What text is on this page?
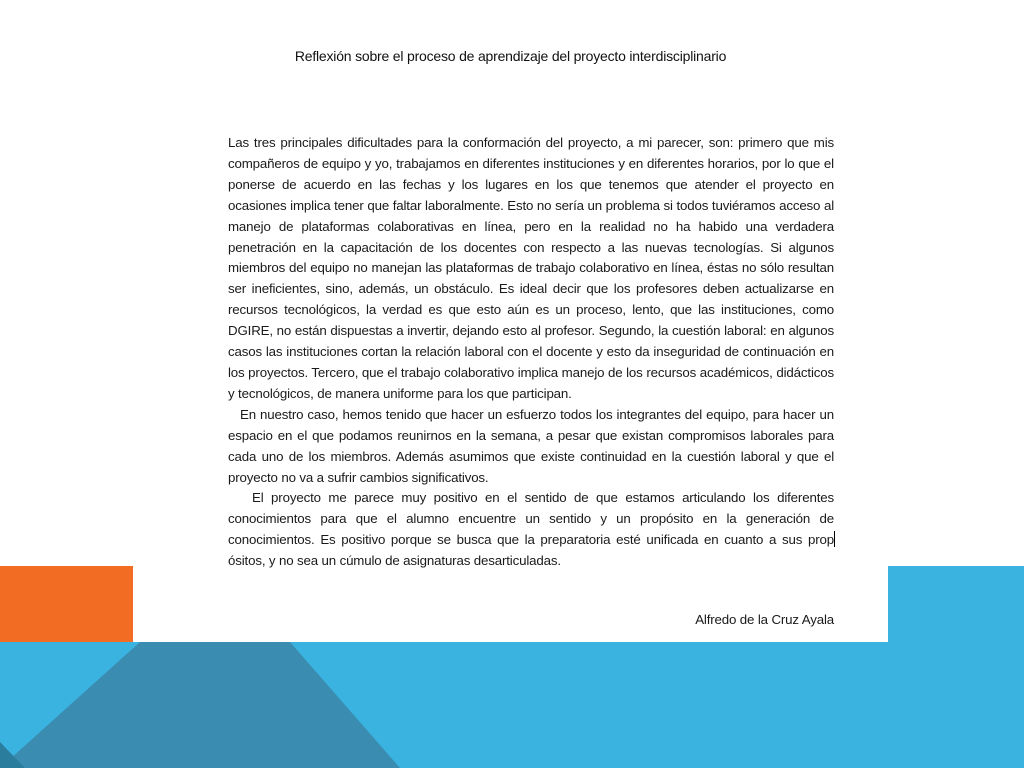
Reflexión sobre el proceso de aprendizaje del proyecto interdisciplinario

Las tres principales dificultades para la conformación del proyecto, a mi parecer, son: primero que mis compañeros de equipo y yo, trabajamos en diferentes instituciones y en diferentes horarios, por lo que el ponerse de acuerdo en las fechas y los lugares en los que tenemos que atender el proyecto en ocasiones implica tener que faltar laboralmente. Esto no sería un problema si todos tuviéramos acceso al manejo de plataformas colaborativas en línea, pero en la realidad no ha habido una verdadera penetración en la capacitación de los docentes con respecto a las nuevas tecnologías. Si algunos miembros del equipo no manejan las plataformas de trabajo colaborativo en línea, éstas no sólo resultan ser ineficientes, sino, además, un obstáculo. Es ideal decir que los profesores deben actualizarse en recursos tecnológicos, la verdad es que esto aún es un proceso, lento, que las instituciones, como DGIRE, no están dispuestas a invertir, dejando esto al profesor. Segundo, la cuestión laboral: en algunos casos las instituciones cortan la relación laboral con el docente y esto da inseguridad de continuación en los proyectos. Tercero, que el trabajo colaborativo implica manejo de los recursos académicos, didácticos y tecnológicos, de manera uniforme para los que participan.

En nuestro caso, hemos tenido que hacer un esfuerzo todos los integrantes del equipo, para hacer un espacio en el que podamos reunirnos en la semana, a pesar que existan compromisos laborales para cada uno de los miembros. Además asumimos que existe continuidad en la cuestión laboral y que el proyecto no va a sufrir cambios significativos.

El proyecto me parece muy positivo en el sentido de que estamos articulando los diferentes conocimientos para que el alumno encuentre un sentido y un propósito en la generación de conocimientos. Es positivo porque se busca que la preparatoria esté unificada en cuanto a sus propósitos, y no sea un cúmulo de asignaturas desarticuladas.

Alfredo de la Cruz Ayala
